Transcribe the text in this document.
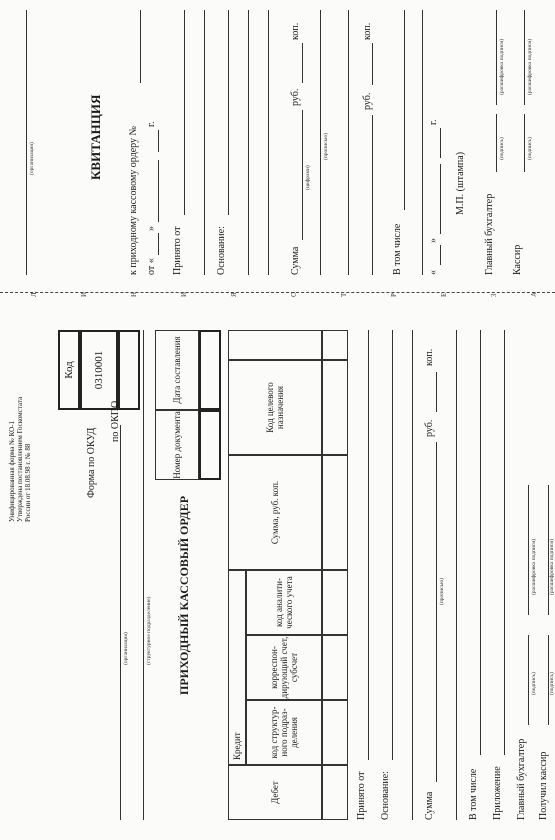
Унифицированная форма № КО-1 Утверждена постановлением Госкомстата России от 18.08.98 г. № 88
Код 0310001
Форма по ОКУД
по ОКПО
(организация)	(структурное подразделение) ПРИХОДНЫЙ КАССОВЫЙ ОРДЕР
Номер документа
Дата составления
Дебет
Кредит	код структур-ного подраз-деления
корреспон-дирующий счет, субсчет
код аналити-ческого учета
Сумма, руб. коп.
Код целевого назначения
Принято от Основание:	Сумма
(прописью)
руб.
коп.
В том числе Приложение Главный бухгалтер
(подпись)
(расшифровка подписи)
Получил кассир
(подпись)
(расшифровка подписи)
Л	И	Н	И	Я	О	Т	Р	Е	З	А
(организация)	КВИТАНЦИЯ	к приходному кассовому ордеру № от «
»
г.
Принято от	Основание:	Сумма
(цифрами)
руб.
коп.
(прописью)
руб.
коп.
В том числе	«
»
г.
М.П. (штампа)
Главный бухгалтер
(подпись)
(расшифровка подписи)
Кассир
(подпись)
(расшифровка подписи)
